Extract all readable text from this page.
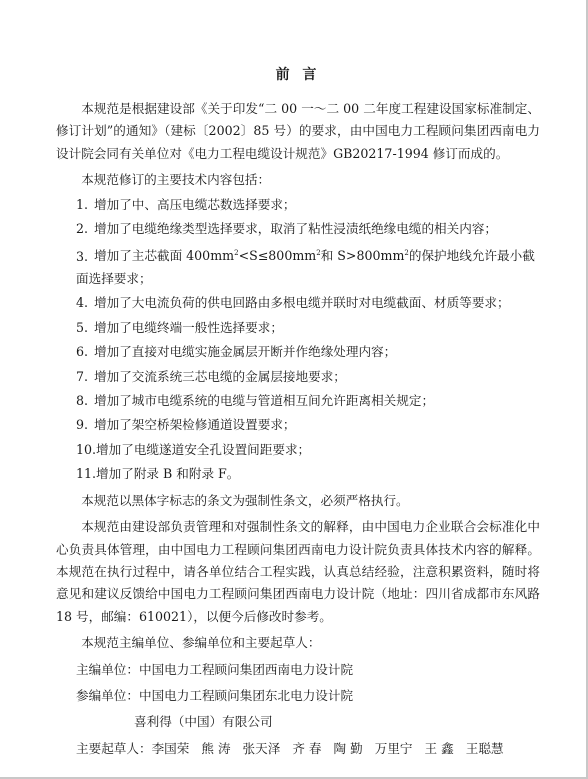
前 言

本规范是根据建设部《关于印发“二 00 一～二 00 二年度工程建设国家标准制定、修订计划”的通知》（建标〔2002〕85 号）的要求，由中国电力工程顾问集团西南电力设计院会同有关单位对《电力工程电缆设计规范》GB20217-1994 修订而成的。

本规范修订的主要技术内容包括：

1. 增加了中、高压电缆芯数选择要求；
2. 增加了电缆绝缘类型选择要求，取消了粘性浸渍纸绝缘电缆的相关内容；
3. 增加了主芯截面 $400mm^2<S\le 800mm^2$和 $S>800mm^2$的保护地线允许最小截面选择要求；
4. 增加了大电流负荷的供电回路由多根电缆并联时对电缆截面、材质等要求；
5. 增加了电缆终端一般性选择要求；
6. 增加了直接对电缆实施金属层开断并作绝缘处理内容；
7. 增加了交流系统三芯电缆的金属层接地要求；
8. 增加了城市电缆系统的电缆与管道相互间允许距离相关规定；
9. 增加了架空桥架检修通道设置要求；
10.增加了电缆遂道安全孔设置间距要求；
11.增加了附录 B 和附录 F。

本规范以黑体字标志的条文为强制性条文，必须严格执行。

本规范由建设部负责管理和对强制性条文的解释，由中国电力企业联合会标准化中心负责具体管理，由中国电力工程顾问集团西南电力设计院负责具体技术内容的解释。本规范在执行过程中，请各单位结合工程实践，认真总结经验，注意积累资料，随时将意见和建议反馈给中国电力工程顾问集团西南电力设计院（地址：四川省成都市东风路 18 号，邮编：610021），以便今后修改时参考。

本规范主编单位、参编单位和主要起草人：

主编单位：中国电力工程顾问集团西南电力设计院
参编单位：中国电力工程顾问集团东北电力设计院
喜利得（中国）有限公司
主要起草人：李国荣 熊 涛 张天泽 齐 春 陶 勤 万里宁 王 鑫 王聪慧
